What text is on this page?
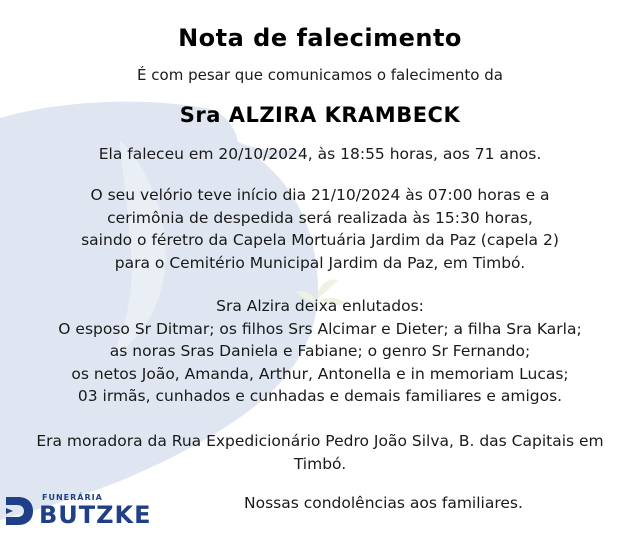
Nota de falecimento
É com pesar que comunicamos o falecimento da
Sra ALZIRA KRAMBECK
Ela faleceu em 20/10/2024, às 18:55 horas, aos 71 anos.
O seu velório teve início dia 21/10/2024 às 07:00 horas e a
cerimônia de despedida será realizada às 15:30 horas,
saindo o féretro da Capela Mortuária Jardim da Paz (capela 2)
para o Cemitério Municipal Jardim da Paz, em Timbó.
Sra Alzira deixa enlutados:
O esposo Sr Ditmar; os filhos Srs Alcimar e Dieter; a filha Sra Karla;
as noras Sras Daniela e Fabiane; o genro Sr Fernando;
os netos João, Amanda, Arthur, Antonella e in memoriam Lucas;
03 irmãs, cunhados e cunhadas e demais familiares e amigos.
Era moradora da Rua Expedicionário Pedro João Silva, B. das Capitais em Timbó.
FUNERÁRIA
BUTZKE	Nossas condolências aos familiares.
